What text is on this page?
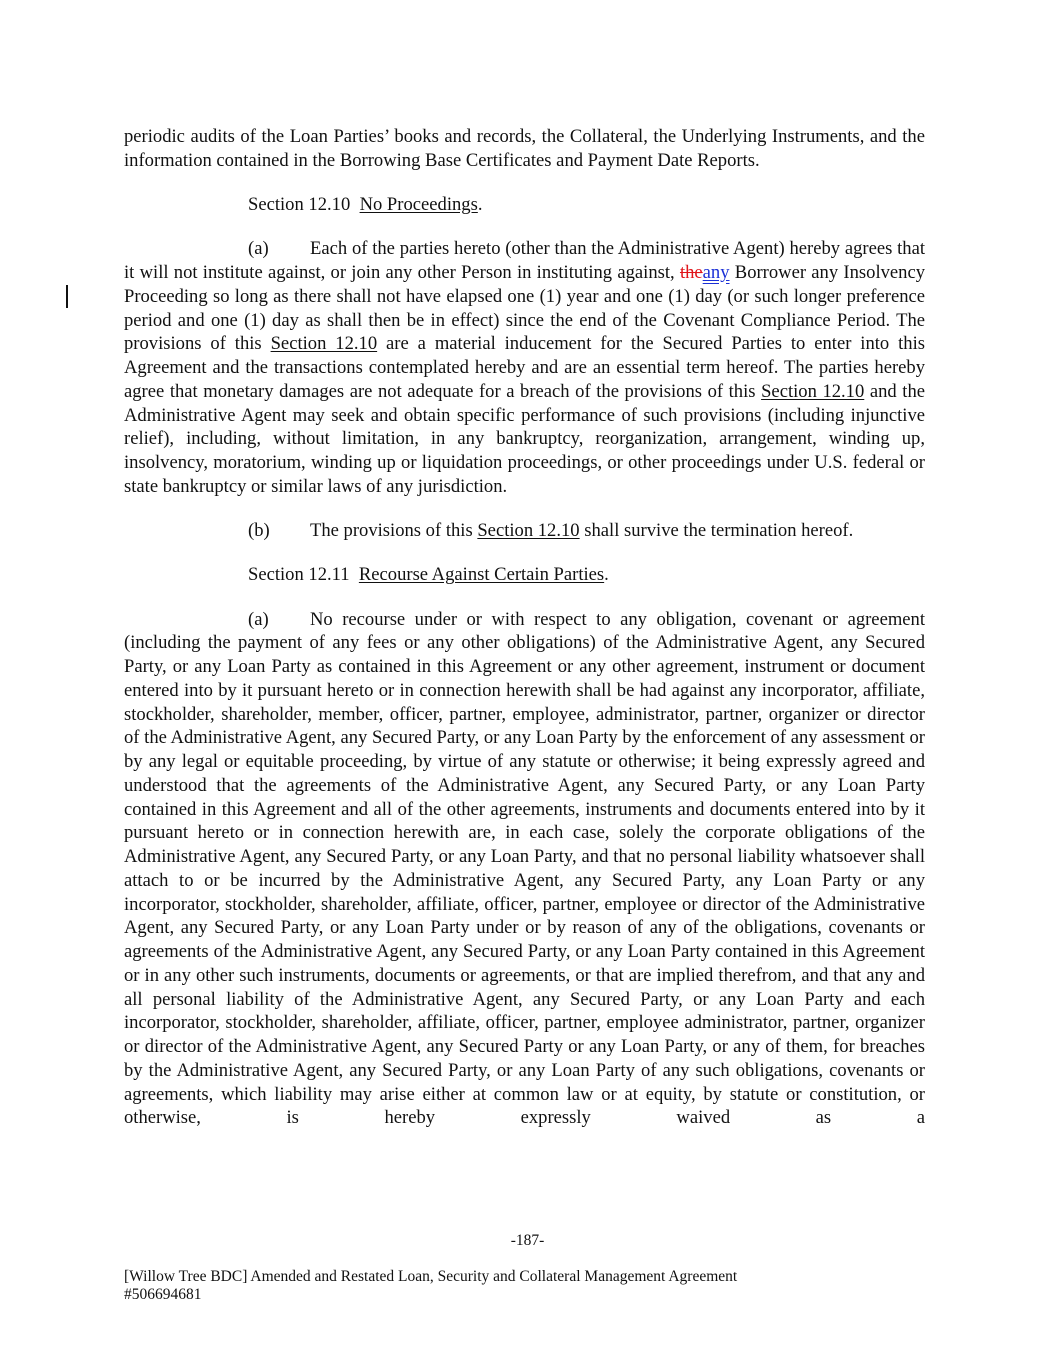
periodic audits of the Loan Parties’ books and records, the Collateral, the Underlying Instruments, and the information contained in the Borrowing Base Certificates and Payment Date Reports.

Section 12.10 No Proceedings.

(a) Each of the parties hereto (other than the Administrative Agent) hereby agrees that it will not institute against, or join any other Person in instituting against, theany Borrower any Insolvency Proceeding so long as there shall not have elapsed one (1) year and one (1) day (or such longer preference period and one (1) day as shall then be in effect) since the end of the Covenant Compliance Period. The provisions of this Section 12.10 are a material inducement for the Secured Parties to enter into this Agreement and the transactions contemplated hereby and are an essential term hereof. The parties hereby agree that monetary damages are not adequate for a breach of the provisions of this Section 12.10 and the Administrative Agent may seek and obtain specific performance of such provisions (including injunctive relief), including, without limitation, in any bankruptcy, reorganization, arrangement, winding up, insolvency, moratorium, winding up or liquidation proceedings, or other proceedings under U.S. federal or state bankruptcy or similar laws of any jurisdiction.

(b) The provisions of this Section 12.10 shall survive the termination hereof.

Section 12.11 Recourse Against Certain Parties.

(a) No recourse under or with respect to any obligation, covenant or agreement (including the payment of any fees or any other obligations) of the Administrative Agent, any Secured Party, or any Loan Party as contained in this Agreement or any other agreement, instrument or document entered into by it pursuant hereto or in connection herewith shall be had against any incorporator, affiliate, stockholder, shareholder, member, officer, partner, employee, administrator, partner, organizer or director of the Administrative Agent, any Secured Party, or any Loan Party by the enforcement of any assessment or by any legal or equitable proceeding, by virtue of any statute or otherwise; it being expressly agreed and understood that the agreements of the Administrative Agent, any Secured Party, or any Loan Party contained in this Agreement and all of the other agreements, instruments and documents entered into by it pursuant hereto or in connection herewith are, in each case, solely the corporate obligations of the Administrative Agent, any Secured Party, or any Loan Party, and that no personal liability whatsoever shall attach to or be incurred by the Administrative Agent, any Secured Party, any Loan Party or any incorporator, stockholder, shareholder, affiliate, officer, partner, employee or director of the Administrative Agent, any Secured Party, or any Loan Party under or by reason of any of the obligations, covenants or agreements of the Administrative Agent, any Secured Party, or any Loan Party contained in this Agreement or in any other such instruments, documents or agreements, or that are implied therefrom, and that any and all personal liability of the Administrative Agent, any Secured Party, or any Loan Party and each incorporator, stockholder, shareholder, affiliate, officer, partner, employee administrator, partner, organizer or director of the Administrative Agent, any Secured Party or any Loan Party, or any of them, for breaches by the Administrative Agent, any Secured Party, or any Loan Party of any such obligations, covenants or agreements, which liability may arise either at common law or at equity, by statute or constitution, or otherwise, is hereby expressly waived as a

-187-
[Willow Tree BDC] Amended and Restated Loan, Security and Collateral Management Agreement
#506694681
